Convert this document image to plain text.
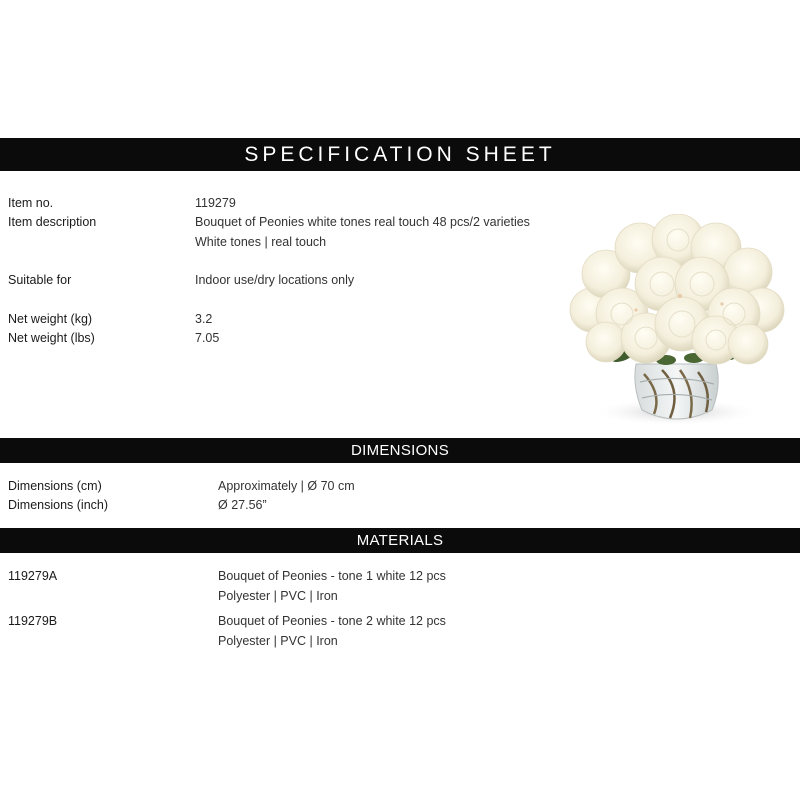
SPECIFICATION SHEET
Item no.	119279
Item description	Bouquet of Peonies white tones real touch 48 pcs/2 varieties
White tones | real touch
Suitable for	Indoor use/dry locations only
Net weight (kg)	3.2
Net weight (lbs)	7.05
DIMENSIONS
Dimensions (cm)	Approximately | Ø 70 cm
Dimensions (inch)	Ø 27.56”
MATERIALS
119279A	Bouquet of Peonies - tone 1 white 12 pcs
Polyester | PVC | Iron
119279B	Bouquet of Peonies - tone 2 white 12 pcs
Polyester | PVC | Iron
